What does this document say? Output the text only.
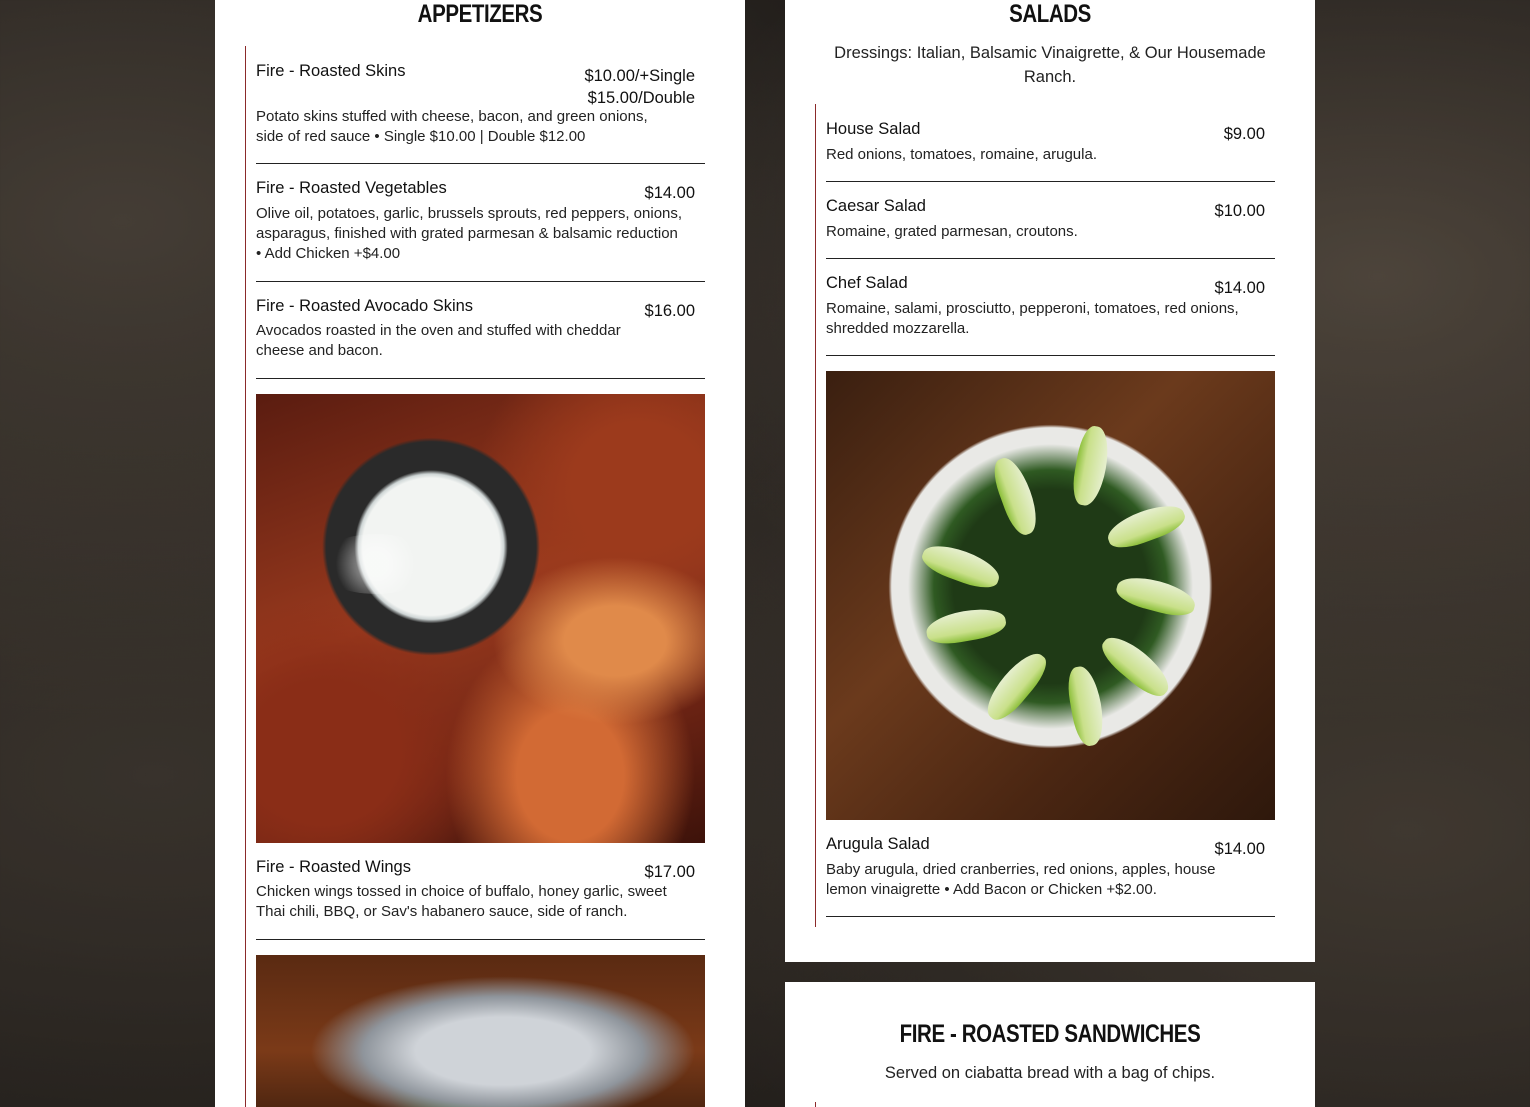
APPETIZERS
Fire - Roasted Skins	$10.00/+Single
$15.00/Double
Potato skins stuffed with cheese, bacon, and green onions, side of red sauce • Single $10.00 | Double $12.00
Fire - Roasted Vegetables	$14.00
Olive oil, potatoes, garlic, brussels sprouts, red peppers, onions, asparagus, finished with grated parmesan & balsamic reduction • Add Chicken +$4.00
Fire - Roasted Avocado Skins	$16.00
Avocados roasted in the oven and stuffed with cheddar cheese and bacon.
Fire - Roasted Wings	$17.00
Chicken wings tossed in choice of buffalo, honey garlic, sweet Thai chili, BBQ, or Sav's habanero sauce, side of ranch.
SALADS
Dressings: Italian, Balsamic Vinaigrette, & Our Housemade Ranch.
House Salad	$9.00
Red onions, tomatoes, romaine, arugula.
Caesar Salad	$10.00
Romaine, grated parmesan, croutons.
Chef Salad	$14.00
Romaine, salami, prosciutto, pepperoni, tomatoes, red onions, shredded mozzarella.
Arugula Salad	$14.00
Baby arugula, dried cranberries, red onions, apples, house lemon vinaigrette • Add Bacon or Chicken +$2.00.
FIRE - ROASTED SANDWICHES
Served on ciabatta bread with a bag of chips.
